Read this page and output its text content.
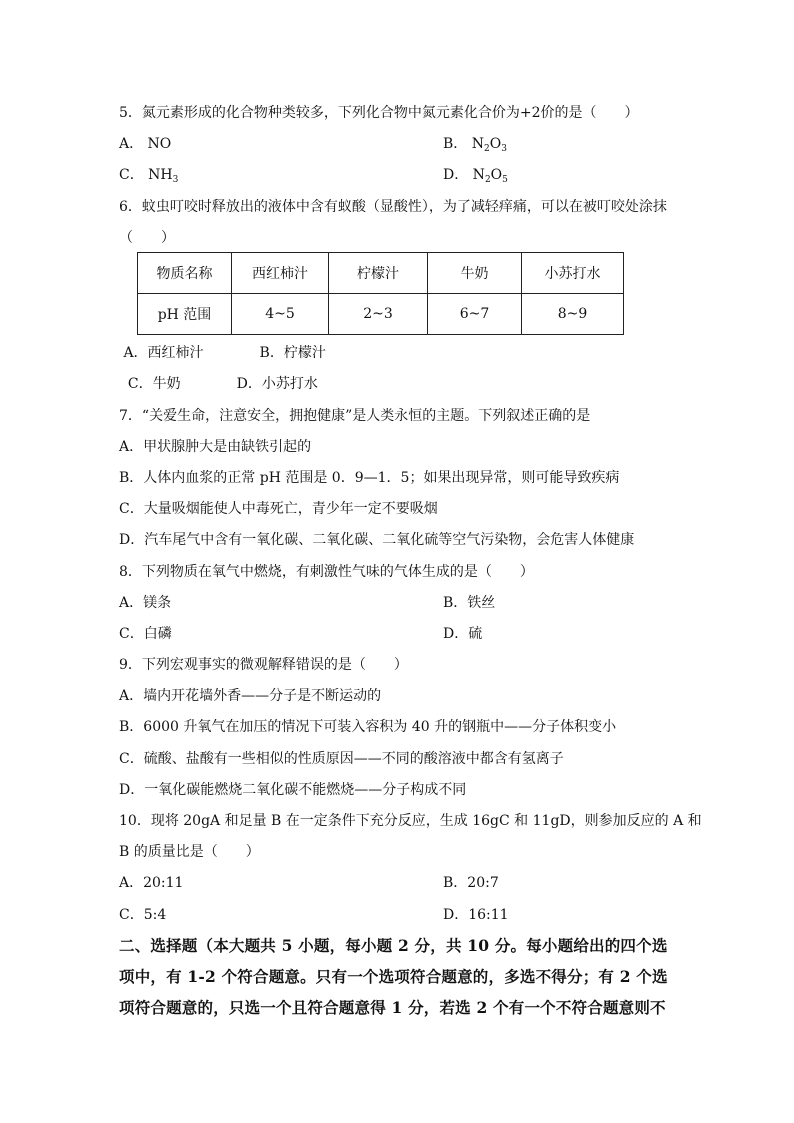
5．氮元素形成的化合物种类较多，下列化合物中氮元素化合价为+2价的是（　　）

A． NO	B． $N_2O_3$

C． $NH_3$	D． $N_2O_5$

6．蚊虫叮咬时释放出的液体中含有蚁酸（显酸性），为了减轻痒痛，可以在被叮咬处涂抹

（　　）

物质名称	西红柿汁	柠檬汁	牛奶	小苏打水
pH 范围	4~5	2~3	6~7	8~9

A．西红柿汁　　　　B．柠檬汁

C．牛奶　　　　D．小苏打水

7．“关爱生命，注意安全，拥抱健康”是人类永恒的主题。下列叙述正确的是

A．甲状腺肿大是由缺铁引起的

B．人体内血浆的正常 pH 范围是 0．9—1．5；如果出现异常，则可能导致疾病

C．大量吸烟能使人中毒死亡，青少年一定不要吸烟

D．汽车尾气中含有一氧化碳、二氧化碳、二氧化硫等空气污染物，会危害人体健康

8．下列物质在氧气中燃烧，有刺激性气味的气体生成的是（　　）

A．镁条	B．铁丝

C．白磷	D．硫

9．下列宏观事实的微观解释错误的是（　　）

A．墙内开花墙外香——分子是不断运动的

B．6000 升氧气在加压的情况下可装入容积为 40 升的钢瓶中——分子体积变小

C．硫酸、盐酸有一些相似的性质原因——不同的酸溶液中都含有氢离子

D．一氧化碳能燃烧二氧化碳不能燃烧——分子构成不同

10．现将 20gA 和足量 B 在一定条件下充分反应，生成 16gC 和 11gD，则参加反应的 A 和

B 的质量比是（　　）

A．20:11	B．20:7

C．5:4	D．16:11

二、选择题（本大题共 5 小题，每小题 2 分，共 10 分。每小题给出的四个选

项中，有 1-2 个符合题意。只有一个选项符合题意的，多选不得分；有 2 个选

项符合题意的，只选一个且符合题意得 1 分，若选 2 个有一个不符合题意则不
